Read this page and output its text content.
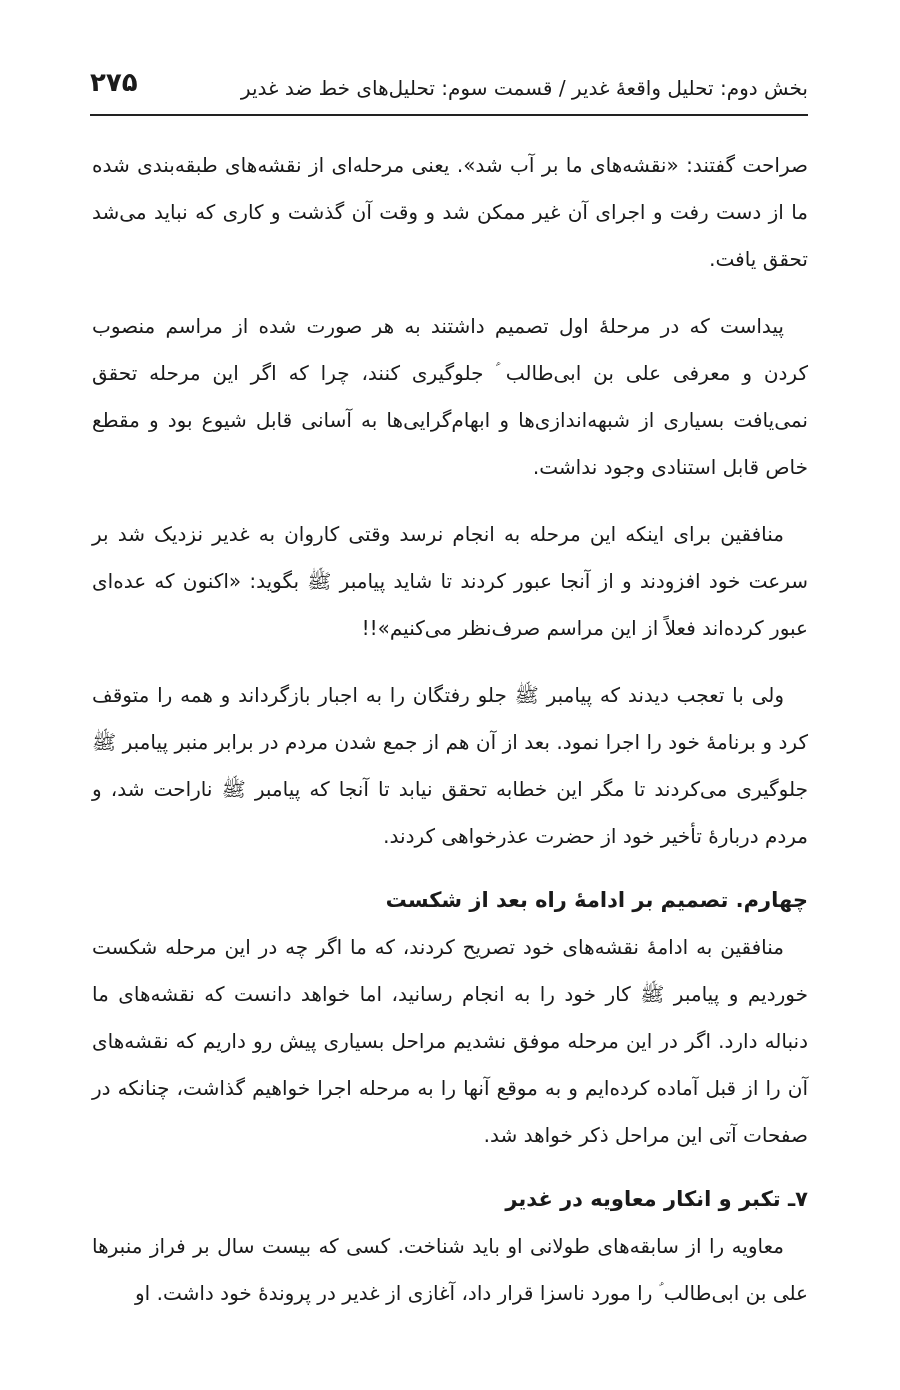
بخش دوم: تحلیل واقعهٔ غدیر / قسمت سوم: تحلیل‌های خط ضد غدیر
۲۷۵

صراحت گفتند: «نقشه‌های ما بر آب شد». یعنی مرحله‌ای از نقشه‌های طبقه‌بندی شده ما از دست رفت و اجرای آن غیر ممکن شد و وقت آن گذشت و کاری که نباید می‌شد تحقق یافت.

پیداست که در مرحلهٔ اول تصمیم داشتند به هر صورت شده از مراسم منصوب کردن و معرفی علی بن ابی‌طالب ؑ جلوگیری کنند، چرا که اگر این مرحله تحقق نمی‌یافت بسیاری از شبهه‌اندازی‌ها و ابهام‌گرایی‌ها به آسانی قابل شیوع بود و مقطع خاص قابل استنادی وجود نداشت.

منافقین برای اینکه این مرحله به انجام نرسد وقتی کاروان به غدیر نزدیک شد بر سرعت خود افزودند و از آنجا عبور کردند تا شاید پیامبر ﷺ بگوید: «اکنون که عده‌ای عبور کرده‌اند فعلاً از این مراسم صرف‌نظر می‌کنیم»!!

ولی با تعجب دیدند که پیامبر ﷺ جلو رفتگان را به اجبار بازگرداند و همه را متوقف کرد و برنامهٔ خود را اجرا نمود. بعد از آن هم از جمع شدن مردم در برابر منبر پیامبر ﷺ جلوگیری می‌کردند تا مگر این خطابه تحقق نیابد تا آنجا که پیامبر ﷺ ناراحت شد، و مردم دربارهٔ تأخیر خود از حضرت عذرخواهی کردند.

چهارم. تصمیم بر ادامهٔ راه بعد از شکست

منافقین به ادامهٔ نقشه‌های خود تصریح کردند، که ما اگر چه در این مرحله شکست خوردیم و پیامبر ﷺ کار خود را به انجام رسانید، اما خواهد دانست که نقشه‌های ما دنباله دارد. اگر در این مرحله موفق نشدیم مراحل بسیاری پیش رو داریم که نقشه‌های آن را از قبل آماده کرده‌ایم و به موقع آنها را به مرحله اجرا خواهیم گذاشت، چنانکه در صفحات آتی این مراحل ذکر خواهد شد.

۷ـ تکبر و انکار معاویه در غدیر

معاویه را از سابقه‌های طولانی او باید شناخت. کسی که بیست سال بر فراز منبرها علی بن ابی‌طالب ؑ را مورد ناسزا قرار داد، آغازی از غدیر در پروندهٔ خود داشت. او
